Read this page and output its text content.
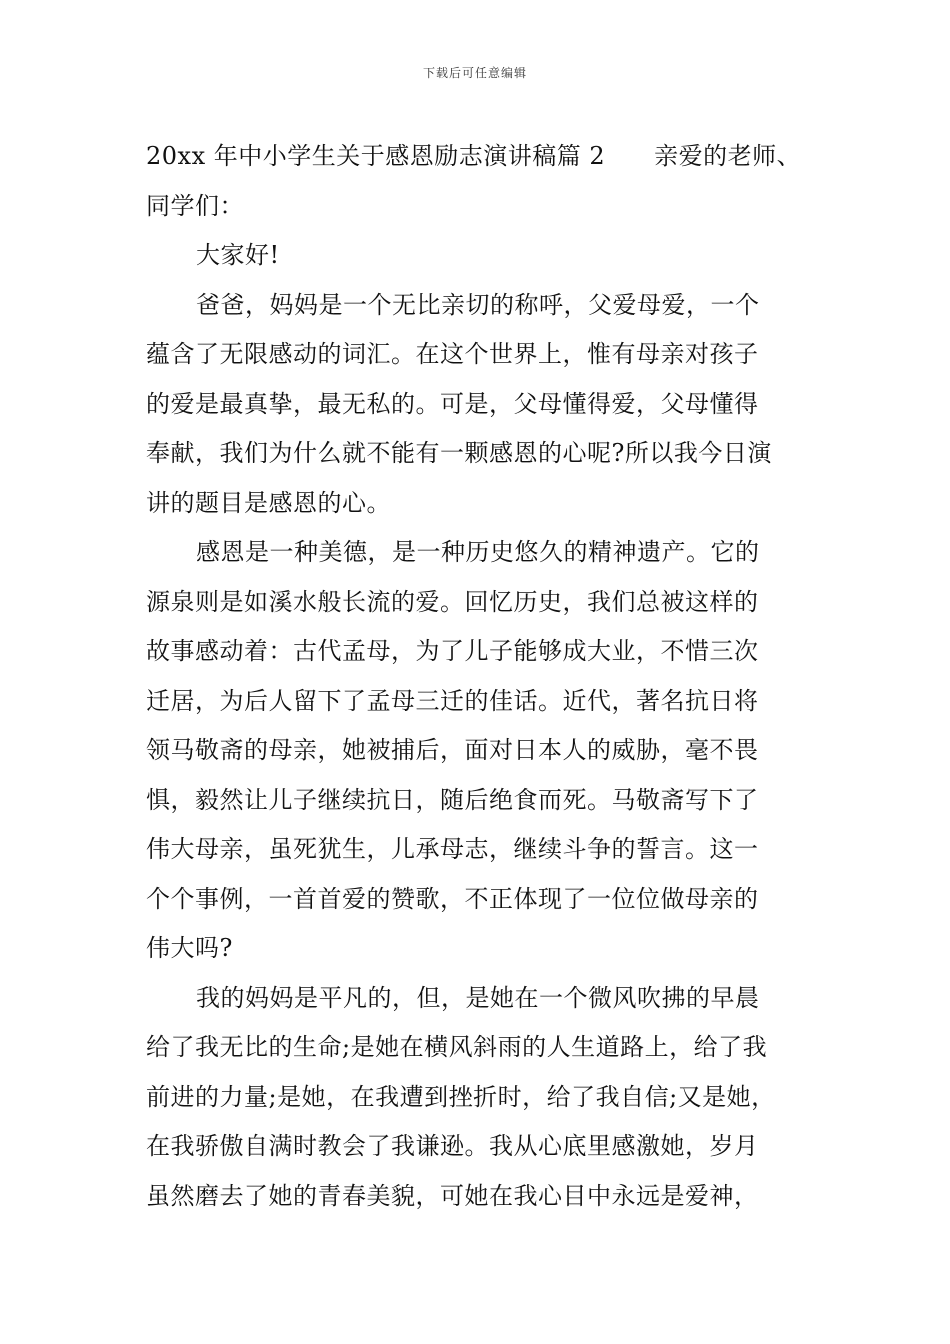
下载后可任意编辑
20xx 年中小学生关于感恩励志演讲稿篇 2　　亲爱的老师、
同学们：
大家好!
爸爸，妈妈是一个无比亲切的称呼，父爱母爱，一个
蕴含了无限感动的词汇。在这个世界上，惟有母亲对孩子
的爱是最真挚，最无私的。可是，父母懂得爱，父母懂得
奉献，我们为什么就不能有一颗感恩的心呢?所以我今日演
讲的题目是感恩的心。
感恩是一种美德，是一种历史悠久的精神遗产。它的
源泉则是如溪水般长流的爱。回忆历史，我们总被这样的
故事感动着：古代孟母，为了儿子能够成大业，不惜三次
迁居，为后人留下了孟母三迁的佳话。近代，著名抗日将
领马敬斋的母亲，她被捕后，面对日本人的威胁，毫不畏
惧，毅然让儿子继续抗日，随后绝食而死。马敬斋写下了
伟大母亲，虽死犹生，儿承母志，继续斗争的誓言。这一
个个事例，一首首爱的赞歌，不正体现了一位位做母亲的
伟大吗?
我的妈妈是平凡的，但，是她在一个微风吹拂的早晨
给了我无比的生命;是她在横风斜雨的人生道路上，给了我
前进的力量;是她，在我遭到挫折时，给了我自信;又是她，
在我骄傲自满时教会了我谦逊。我从心底里感激她，岁月
虽然磨去了她的青春美貌，可她在我心目中永远是爱神，
